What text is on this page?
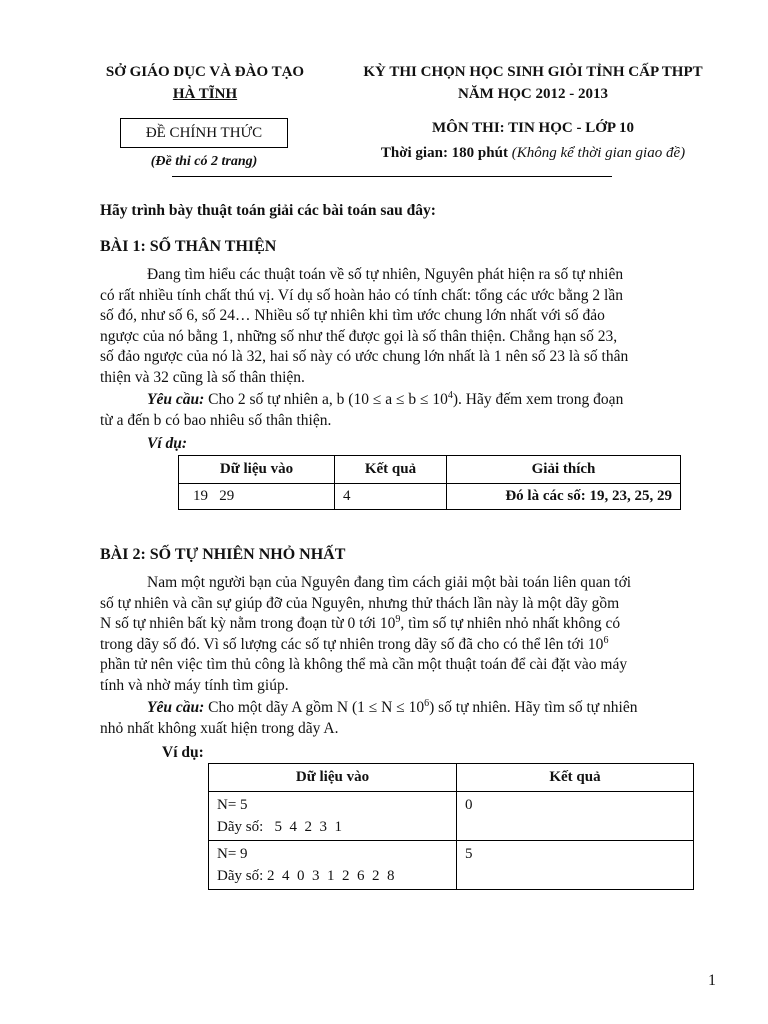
SỞ GIÁO DỤC VÀ ĐÀO TẠO
HÀ TĨNH
ĐỀ CHÍNH THỨC
(Đề thi có 2 trang)
KỲ THI CHỌN HỌC SINH GIỎI TỈNH CẤP THPT
NĂM HỌC 2012 - 2013
MÔN THI: TIN HỌC - LỚP 10
Thời gian: 180 phút (Không kể thời gian giao đề)
Hãy trình bày thuật toán giải các bài toán sau đây:
BÀI 1: SỐ THÂN THIỆN
Đang tìm hiểu các thuật toán về số tự nhiên, Nguyên phát hiện ra số tự nhiên
có rất nhiều tính chất thú vị. Ví dụ số hoàn hảo có tính chất: tổng các ước bằng 2 lần
số đó, như số 6, số 24… Nhiều số tự nhiên khi tìm ước chung lớn nhất với số đảo
ngược của nó bằng 1, những số như thế được gọi là số thân thiện. Chẳng hạn số 23,
số đảo ngược của nó là 32, hai số này có ước chung lớn nhất là 1 nên số 23 là số thân
thiện và 32 cũng là số thân thiện.
Yêu cầu: Cho 2 số tự nhiên a, b $(10 \le a \le b \le 10^4)$. Hãy đếm xem trong đoạn
từ a đến b có bao nhiêu số thân thiện.
Ví dụ:
Dữ liệu vào	Kết quả	Giải thích
19   29	4	Đó là các số: 19, 23, 25, 29
BÀI 2: SỐ TỰ NHIÊN NHỎ NHẤT
Nam một người bạn của Nguyên đang tìm cách giải một bài toán liên quan tới
số tự nhiên và cần sự giúp đỡ của Nguyên, nhưng thử thách lần này là một dãy gồm
N số tự nhiên bất kỳ nằm trong đoạn từ 0 tới $10^9$, tìm số tự nhiên nhỏ nhất không có
trong dãy số đó. Vì số lượng các số tự nhiên trong dãy số đã cho có thể lên tới $10^6$
phần tử nên việc tìm thủ công là không thể mà cần một thuật toán để cài đặt vào máy
tính và nhờ máy tính tìm giúp.
Yêu cầu: Cho một dãy A gồm N $(1 \le N \le 10^6)$ số tự nhiên. Hãy tìm số tự nhiên
nhỏ nhất không xuất hiện trong dãy A.
Ví dụ:
Dữ liệu vào	Kết quả

N= 5
Dãy số:   5  4  2  3  1	0

N= 9
Dãy số: 2  4  0  3  1  2  6  2  8	5
1
